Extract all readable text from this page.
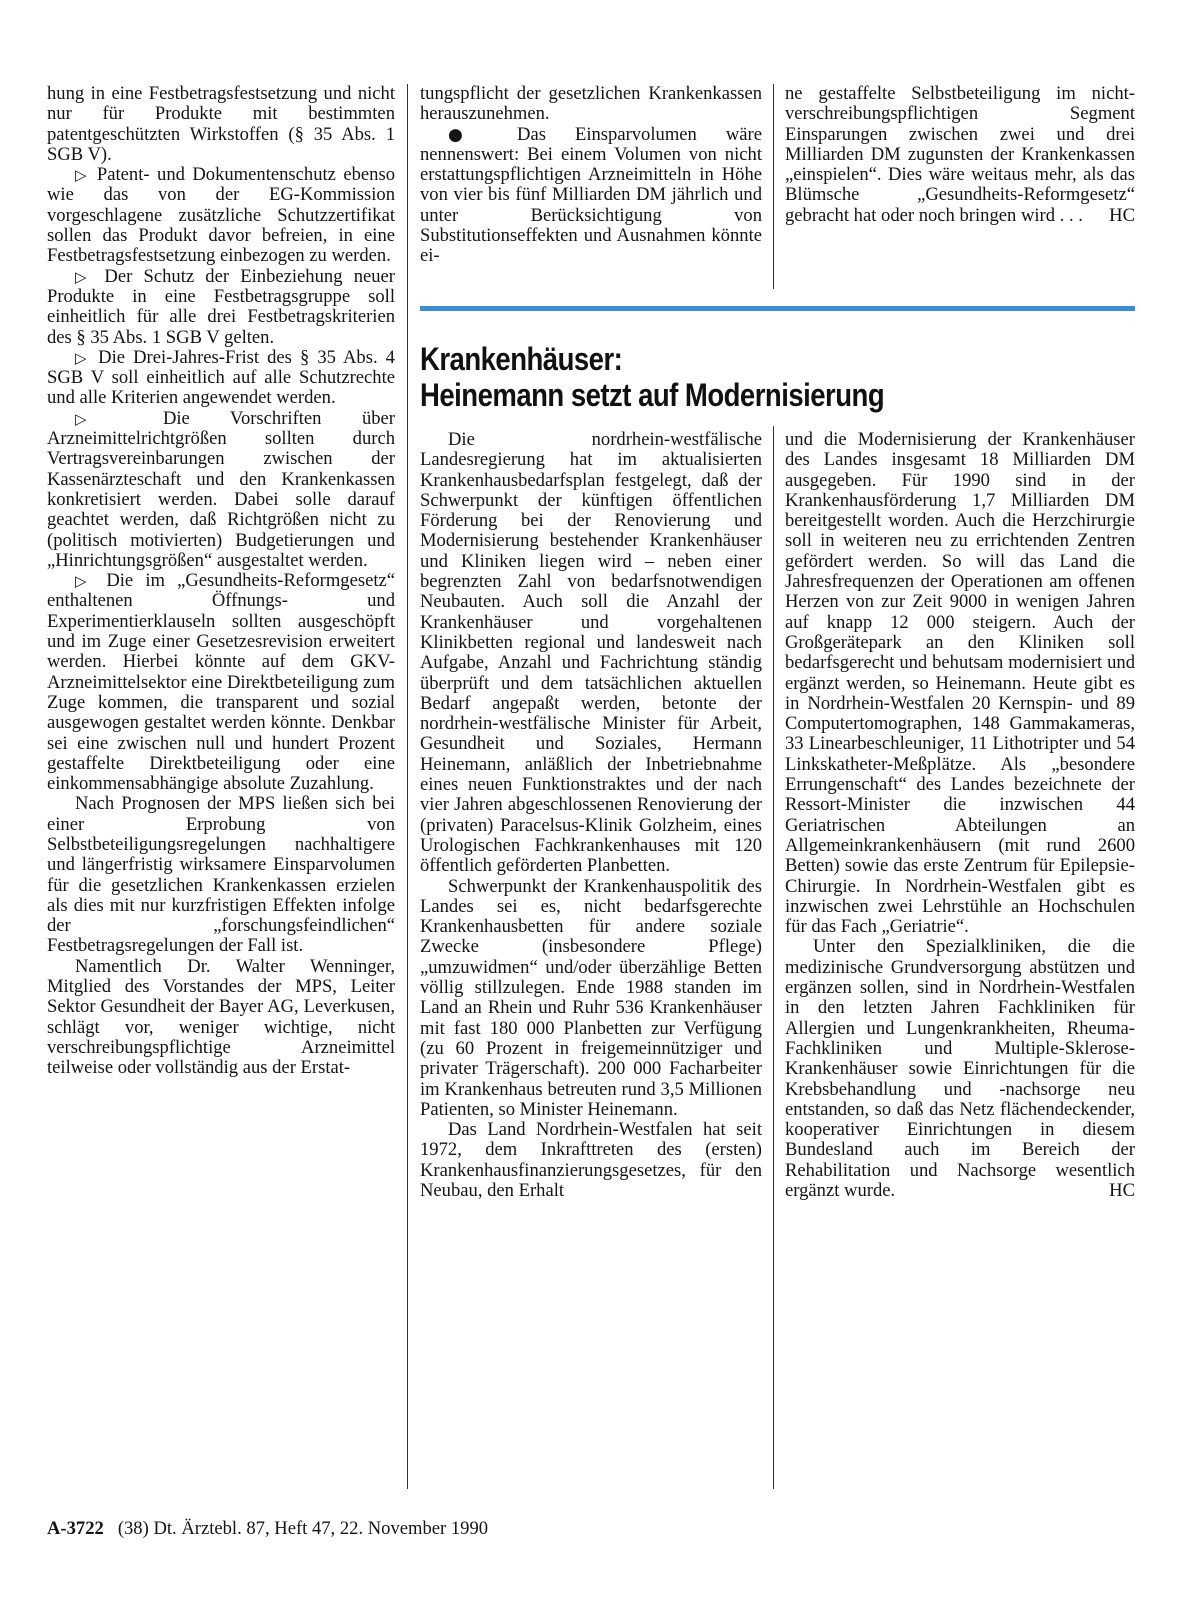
hung in eine Festbetragsfestsetzung und nicht nur für Produkte mit bestimmten patentgeschützten Wirkstoffen (§ 35 Abs. 1 SGB V).

▷ Patent- und Dokumentenschutz ebenso wie das von der EG-Kommission vorgeschlagene zusätzliche Schutzzertifikat sollen das Produkt davor befreien, in eine Festbetragsfestsetzung einbezogen zu werden.

▷ Der Schutz der Einbeziehung neuer Produkte in eine Festbetragsgruppe soll einheitlich für alle drei Festbetragskriterien des § 35 Abs. 1 SGB V gelten.

▷ Die Drei-Jahres-Frist des § 35 Abs. 4 SGB V soll einheitlich auf alle Schutzrechte und alle Kriterien angewendet werden.

▷ Die Vorschriften über Arzneimittelrichtgrößen sollten durch Vertragsvereinbarungen zwischen der Kassenärzteschaft und den Krankenkassen konkretisiert werden. Dabei solle darauf geachtet werden, daß Richtgrößen nicht zu (politisch motivierten) Budgetierungen und „Hinrichtungsgrößen“ ausgestaltet werden.

▷ Die im „Gesundheits-Reformgesetz“ enthaltenen Öffnungs- und Experimentierklauseln sollten ausgeschöpft und im Zuge einer Gesetzesrevision erweitert werden. Hierbei könnte auf dem GKV-Arzneimittelsektor eine Direktbeteiligung zum Zuge kommen, die transparent und sozial ausgewogen gestaltet werden könnte. Denkbar sei eine zwischen null und hundert Prozent gestaffelte Direktbeteiligung oder eine einkommensabhängige absolute Zuzahlung.

Nach Prognosen der MPS ließen sich bei einer Erprobung von Selbstbeteiligungsregelungen nachhaltigere und längerfristig wirksamere Einsparvolumen für die gesetzlichen Krankenkassen erzielen als dies mit nur kurzfristigen Effekten infolge der „forschungsfeindlichen“ Festbetragsregelungen der Fall ist.

Namentlich Dr. Walter Wenninger, Mitglied des Vorstandes der MPS, Leiter Sektor Gesundheit der Bayer AG, Leverkusen, schlägt vor, weniger wichtige, nicht verschreibungspflichtige Arzneimittel teilweise oder vollständig aus der Erstat-

tungspflicht der gesetzlichen Krankenkassen herauszunehmen.

● Das Einsparvolumen wäre nennenswert: Bei einem Volumen von nicht erstattungspflichtigen Arzneimitteln in Höhe von vier bis fünf Milliarden DM jährlich und unter Berücksichtigung von Substitutionseffekten und Ausnahmen könnte ei-

ne gestaffelte Selbstbeteiligung im nicht-verschreibungspflichtigen Segment Einsparungen zwischen zwei und drei Milliarden DM zugunsten der Krankenkassen „einspielen“. Dies wäre weitaus mehr, als das Blümsche „Gesundheits-Reformgesetz“ gebracht hat oder noch bringen wird . . . HC

Krankenhäuser:
Heinemann setzt auf Modernisierung

Die nordrhein-westfälische Landesregierung hat im aktualisierten Krankenhausbedarfsplan festgelegt, daß der Schwerpunkt der künftigen öffentlichen Förderung bei der Renovierung und Modernisierung bestehender Krankenhäuser und Kliniken liegen wird – neben einer begrenzten Zahl von bedarfsnotwendigen Neubauten. Auch soll die Anzahl der Krankenhäuser und vorgehaltenen Klinikbetten regional und landesweit nach Aufgabe, Anzahl und Fachrichtung ständig überprüft und dem tatsächlichen aktuellen Bedarf angepaßt werden, betonte der nordrhein-westfälische Minister für Arbeit, Gesundheit und Soziales, Hermann Heinemann, anläßlich der Inbetriebnahme eines neuen Funktionstraktes und der nach vier Jahren abgeschlossenen Renovierung der (privaten) Paracelsus-Klinik Golzheim, eines Urologischen Fachkrankenhauses mit 120 öffentlich geförderten Planbetten.

Schwerpunkt der Krankenhauspolitik des Landes sei es, nicht bedarfsgerechte Krankenhausbetten für andere soziale Zwecke (insbesondere Pflege) „umzuwidmen“ und/oder überzählige Betten völlig stillzulegen. Ende 1988 standen im Land an Rhein und Ruhr 536 Krankenhäuser mit fast 180 000 Planbetten zur Verfügung (zu 60 Prozent in freigemeinnütziger und privater Trägerschaft). 200 000 Facharbeiter im Krankenhaus betreuten rund 3,5 Millionen Patienten, so Minister Heinemann.

Das Land Nordrhein-Westfalen hat seit 1972, dem Inkrafttreten des (ersten) Krankenhausfinanzierungsgesetzes, für den Neubau, den Erhalt

und die Modernisierung der Krankenhäuser des Landes insgesamt 18 Milliarden DM ausgegeben. Für 1990 sind in der Krankenhausförderung 1,7 Milliarden DM bereitgestellt worden. Auch die Herzchirurgie soll in weiteren neu zu errichtenden Zentren gefördert werden. So will das Land die Jahresfrequenzen der Operationen am offenen Herzen von zur Zeit 9000 in wenigen Jahren auf knapp 12 000 steigern. Auch der Großgerätepark an den Kliniken soll bedarfsgerecht und behutsam modernisiert und ergänzt werden, so Heinemann. Heute gibt es in Nordrhein-Westfalen 20 Kernspin- und 89 Computertomographen, 148 Gammakameras, 33 Linearbeschleuniger, 11 Lithotripter und 54 Linkskatheter-Meßplätze. Als „besondere Errungenschaft“ des Landes bezeichnete der Ressort-Minister die inzwischen 44 Geriatrischen Abteilungen an Allgemeinkrankenhäusern (mit rund 2600 Betten) sowie das erste Zentrum für Epilepsie-Chirurgie. In Nordrhein-Westfalen gibt es inzwischen zwei Lehrstühle an Hochschulen für das Fach „Geriatrie“.

Unter den Spezialkliniken, die die medizinische Grundversorgung abstützen und ergänzen sollen, sind in Nordrhein-Westfalen in den letzten Jahren Fachkliniken für Allergien und Lungenkrankheiten, Rheuma-Fachkliniken und Multiple-Sklerose-Krankenhäuser sowie Einrichtungen für die Krebsbehandlung und -nachsorge neu entstanden, so daß das Netz flächendeckender, kooperativer Einrichtungen in diesem Bundesland auch im Bereich der Rehabilitation und Nachsorge wesentlich ergänzt wurde.	HC

A-3722 (38) Dt. Ärztebl. 87, Heft 47, 22. November 1990
